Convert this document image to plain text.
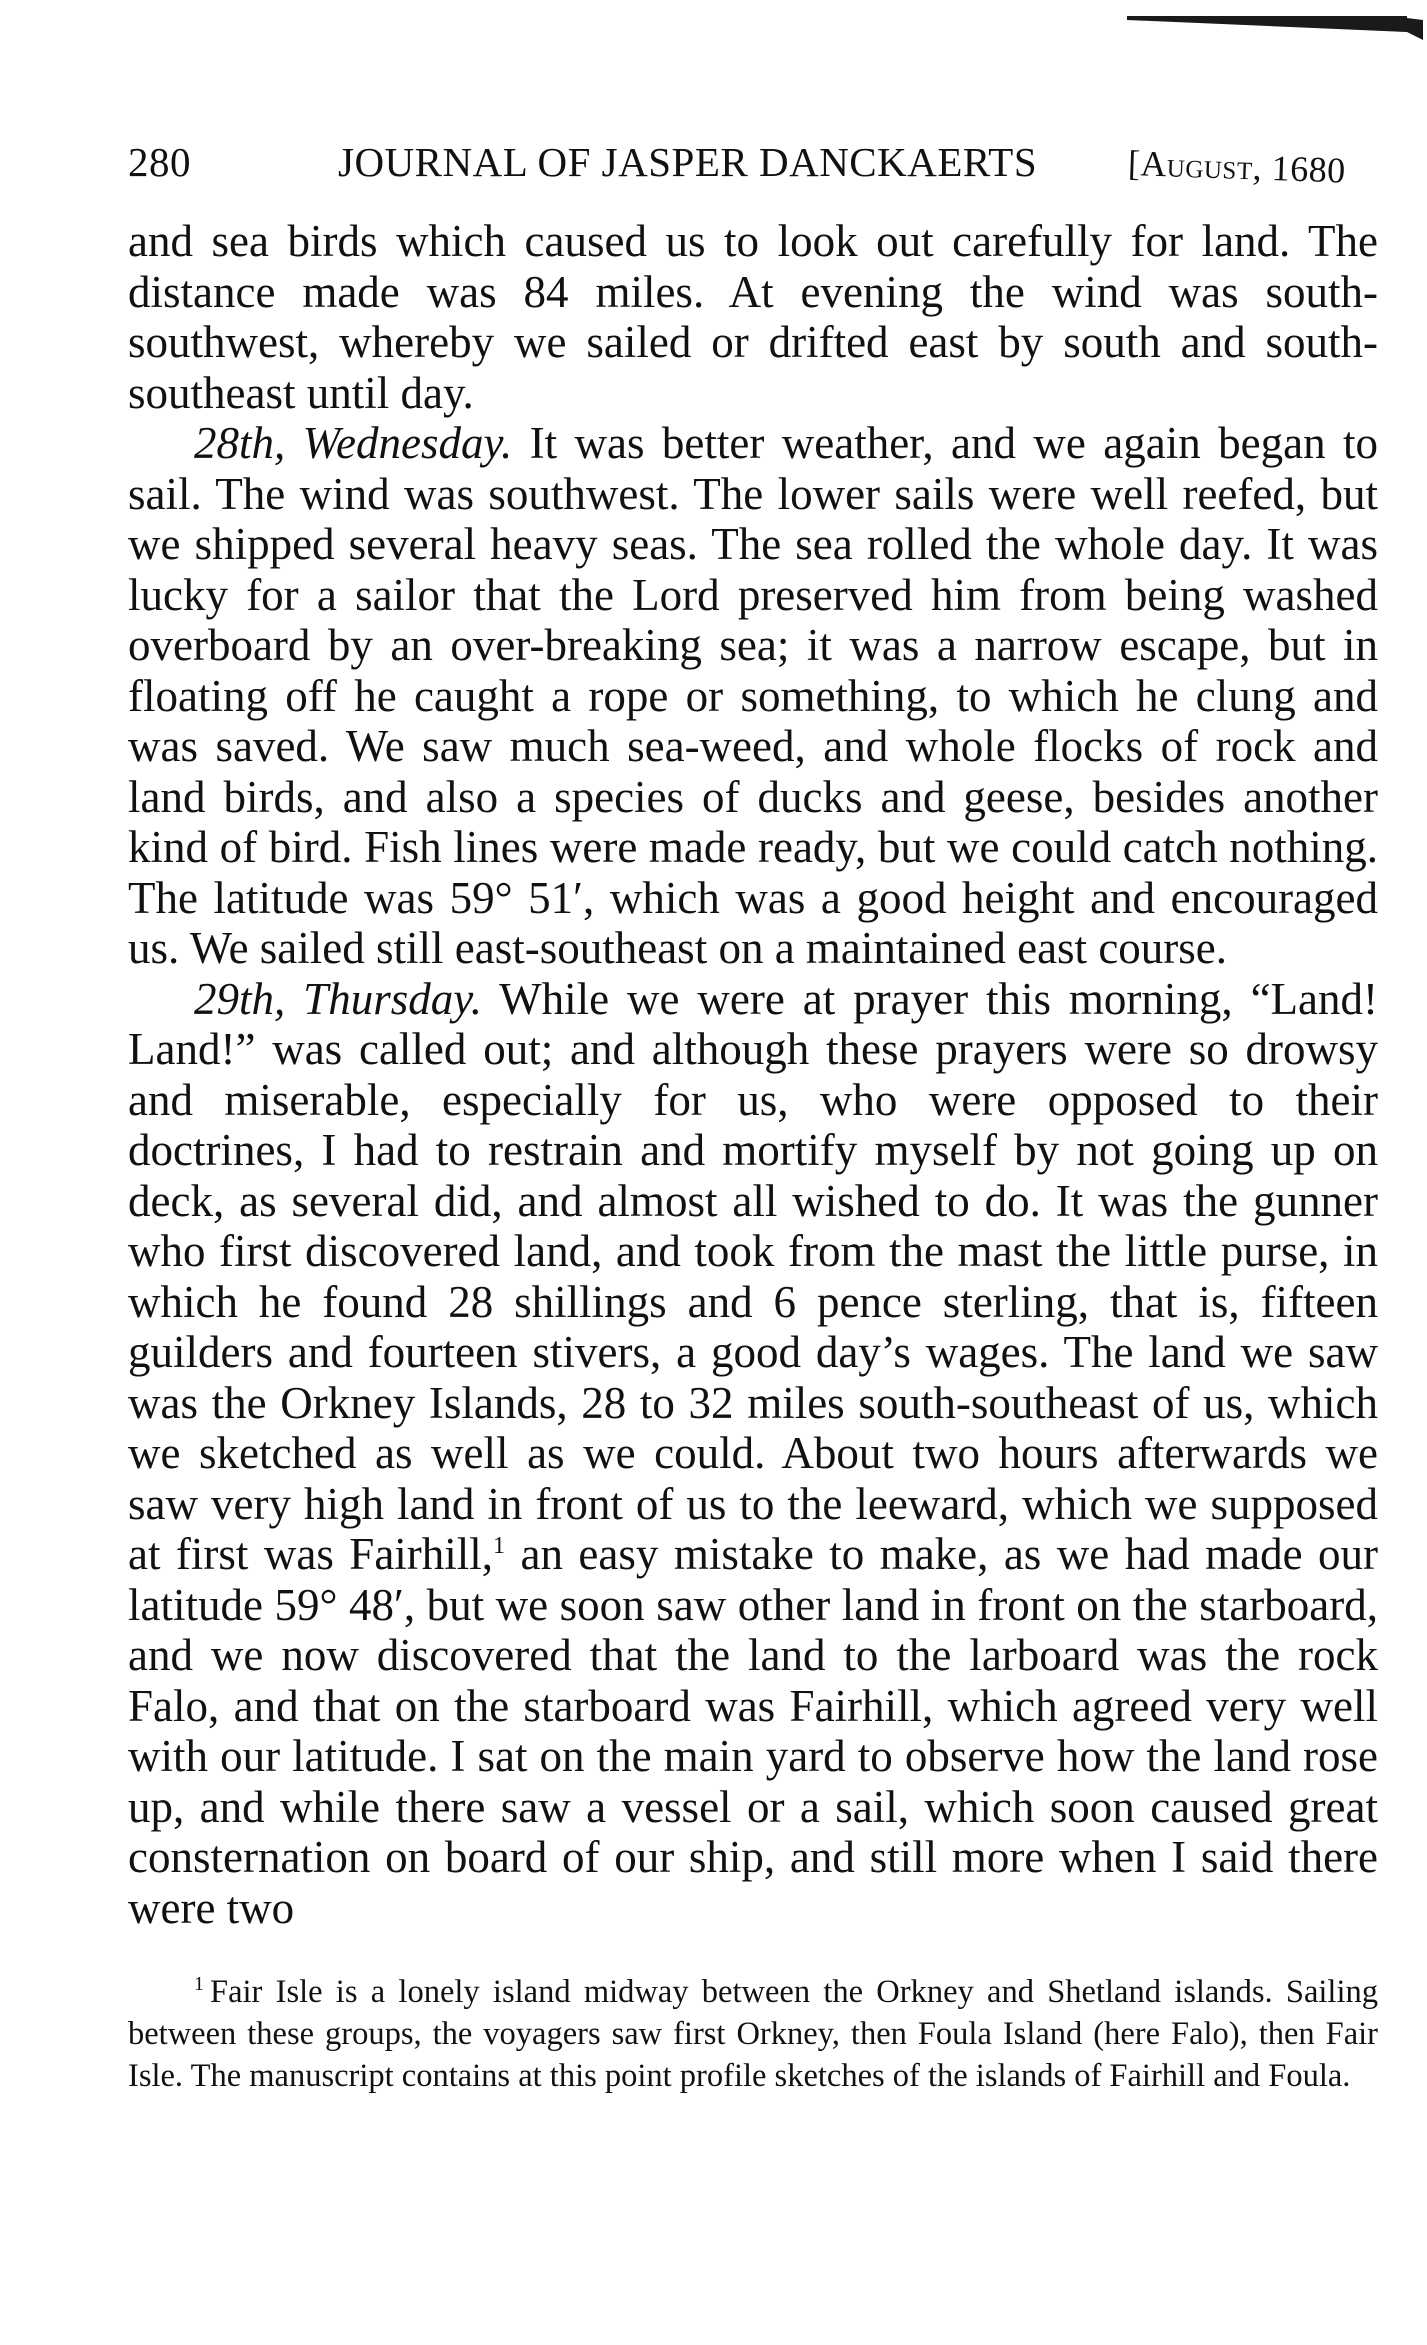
280	JOURNAL OF JASPER DANCKAERTS	[August, 1680

and sea birds which caused us to look out carefully for land. The distance made was 84 miles. At evening the wind was south-southwest, whereby we sailed or drifted east by south and south-southeast until day.

28th, Wednesday. It was better weather, and we again began to sail. The wind was southwest. The lower sails were well reefed, but we shipped several heavy seas. The sea rolled the whole day. It was lucky for a sailor that the Lord preserved him from being washed overboard by an over-breaking sea; it was a narrow escape, but in floating off he caught a rope or something, to which he clung and was saved. We saw much sea-weed, and whole flocks of rock and land birds, and also a species of ducks and geese, besides another kind of bird. Fish lines were made ready, but we could catch nothing. The latitude was 59° 51′, which was a good height and encouraged us. We sailed still east-southeast on a maintained east course.

29th, Thursday. While we were at prayer this morning, “Land! Land!” was called out; and although these prayers were so drowsy and miserable, especially for us, who were opposed to their doctrines, I had to restrain and mortify myself by not going up on deck, as several did, and almost all wished to do. It was the gunner who first discovered land, and took from the mast the little purse, in which he found 28 shillings and 6 pence sterling, that is, fifteen guilders and fourteen stivers, a good day’s wages. The land we saw was the Orkney Islands, 28 to 32 miles south-southeast of us, which we sketched as well as we could. About two hours afterwards we saw very high land in front of us to the leeward, which we supposed at first was Fairhill,$^1$ an easy mistake to make, as we had made our latitude 59° 48′, but we soon saw other land in front on the starboard, and we now discovered that the land to the larboard was the rock Falo, and that on the starboard was Fairhill, which agreed very well with our latitude. I sat on the main yard to observe how the land rose up, and while there saw a vessel or a sail, which soon caused great consternation on board of our ship, and still more when I said there were two

$^1$ Fair Isle is a lonely island midway between the Orkney and Shetland islands. Sailing between these groups, the voyagers saw first Orkney, then Foula Island (here Falo), then Fair Isle. The manuscript contains at this point profile sketches of the islands of Fairhill and Foula.
